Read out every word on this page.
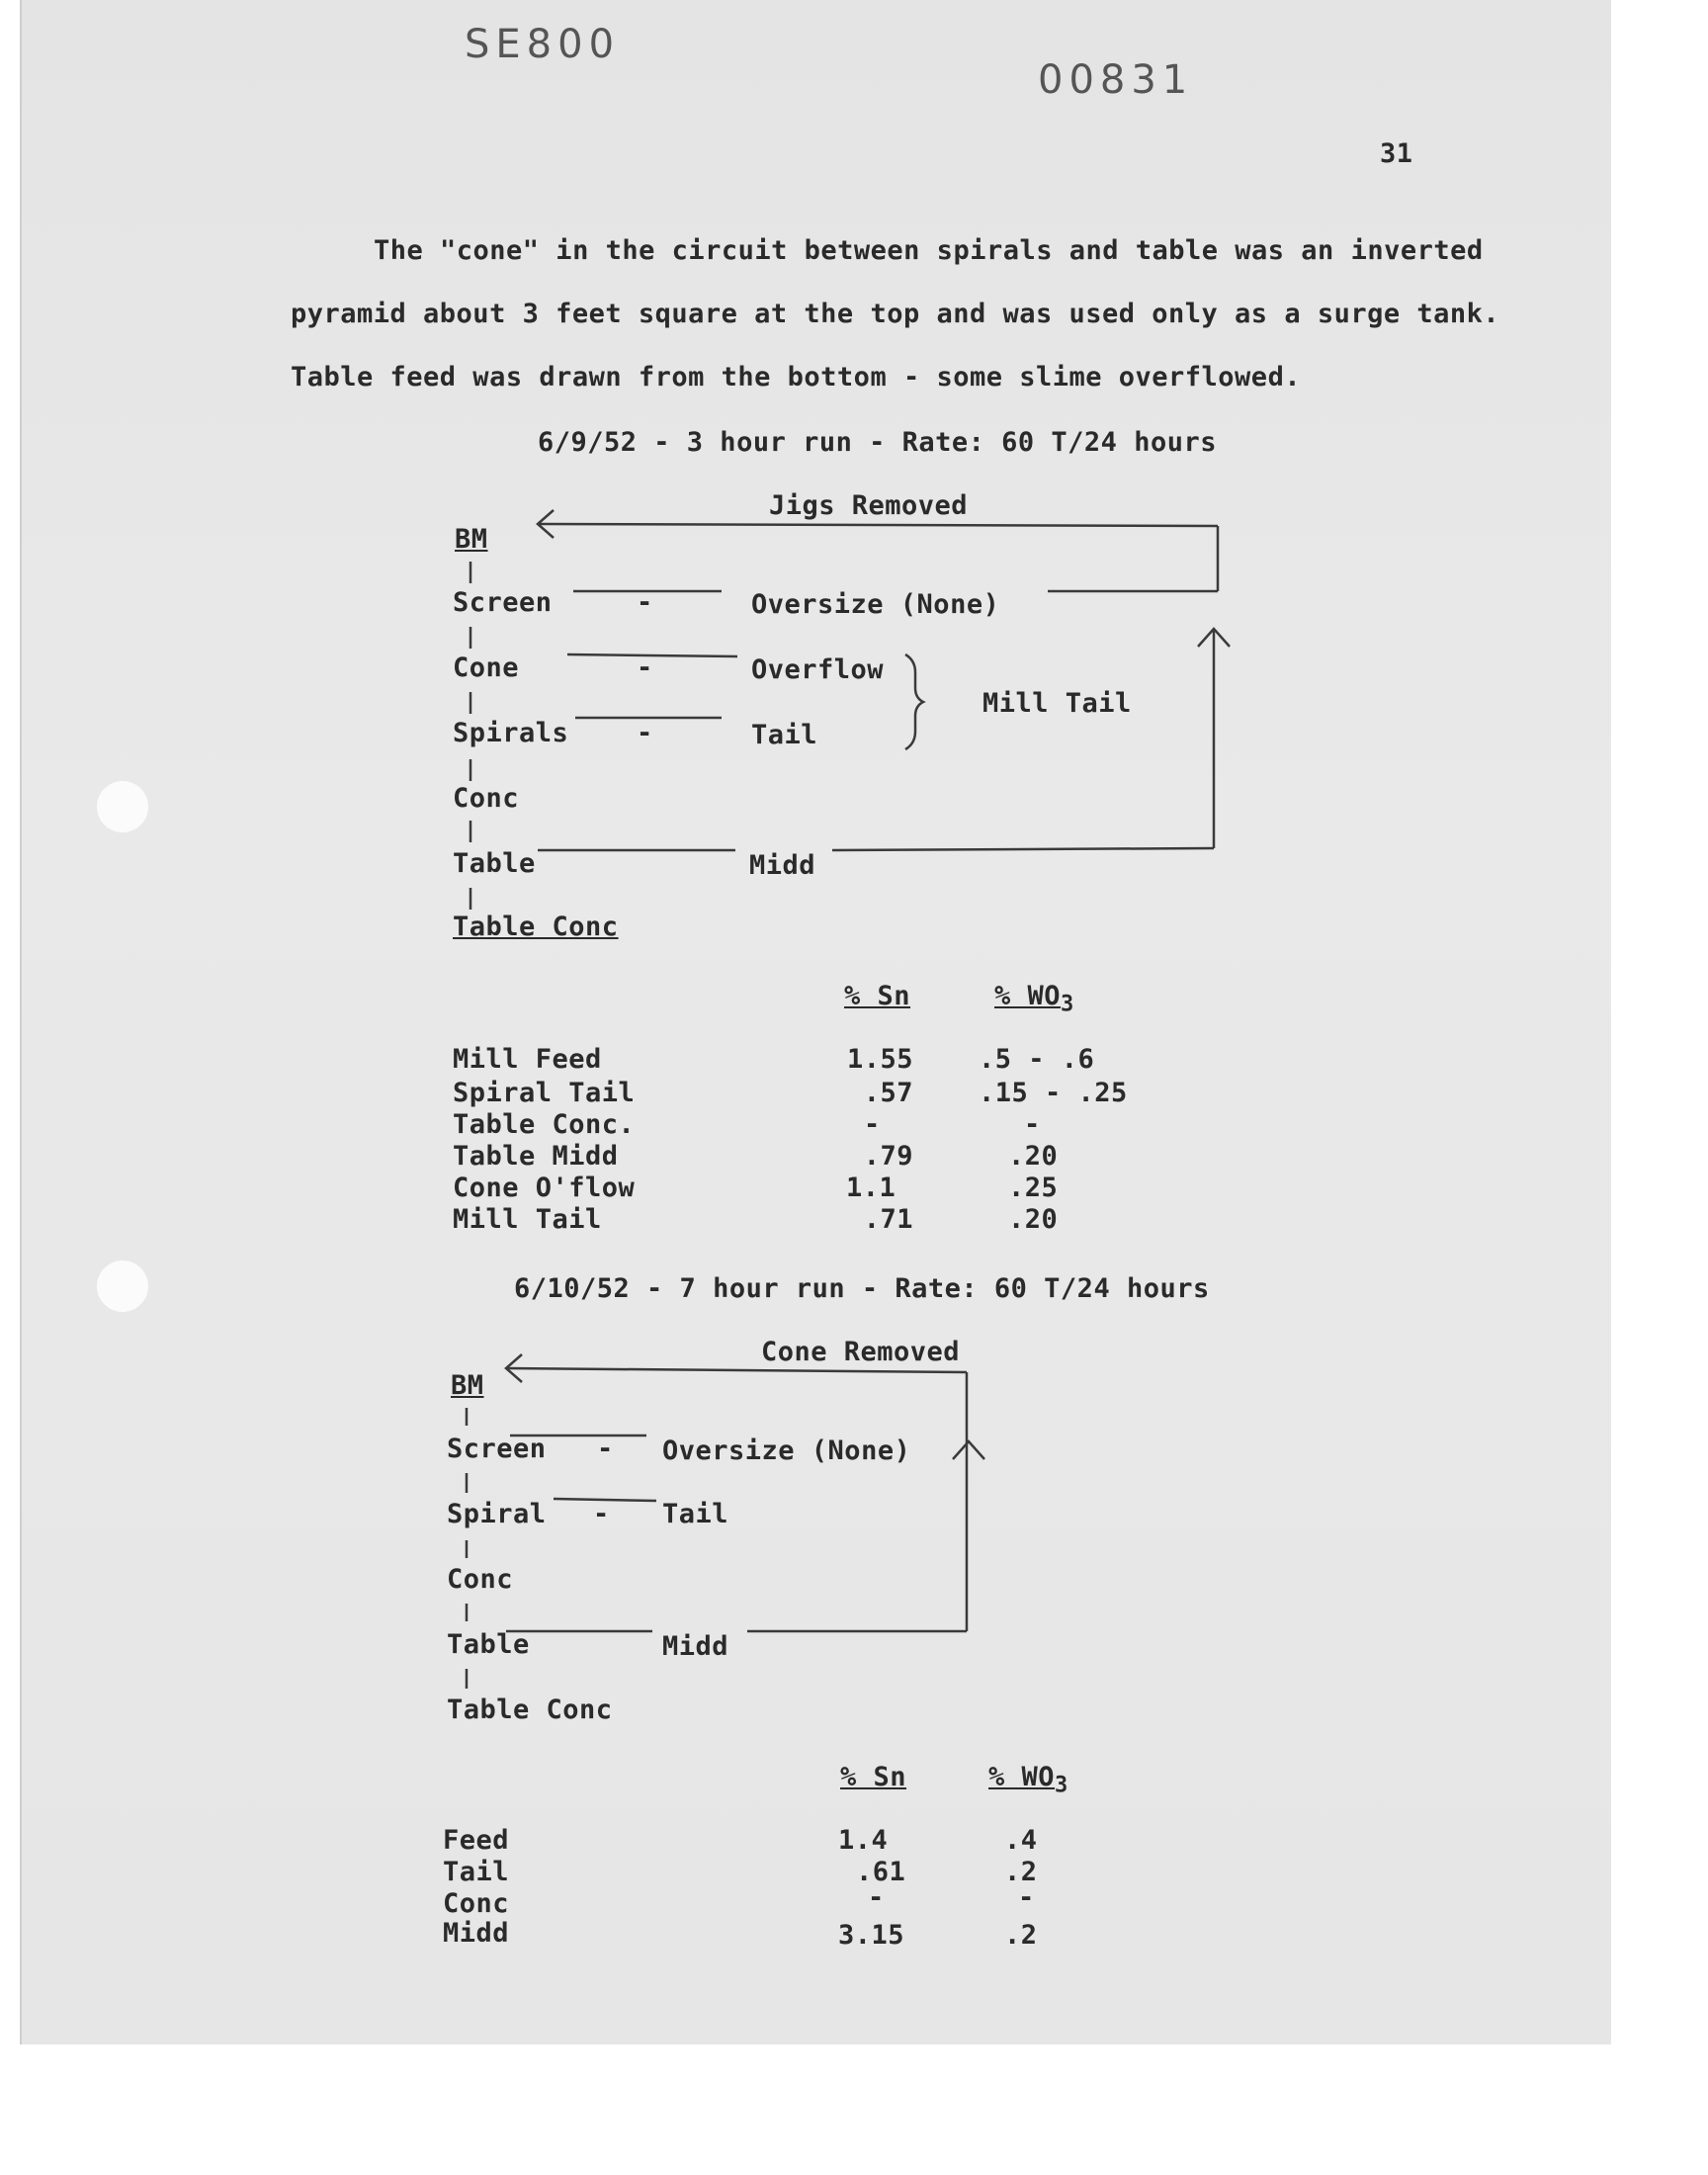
SE800
00831
31
The "cone" in the circuit between spirals and table was an inverted
pyramid about 3 feet square at the top and was used only as a surge tank.
Table feed was drawn from the bottom - some slime overflowed.
6/9/52 - 3 hour run - Rate: 60 T/24 hours
Jigs Removed
BM
Screen	-	Oversize (None)
Cone	-	Overflow
Spirals	-	Tail
Mill Tail
Conc
Table	Midd
Table Conc
% Sn	% $WO_3$
Mill Feed	1.55 .5 - .6
Spiral Tail	.57 .15 - .25
Table Conc.	-	-
Table Midd	.79	.20
Cone O'flow	1.1	.25
Mill Tail	.71	.20
6/10/52 - 7 hour run - Rate: 60 T/24 hours
Cone Removed
BM
Screen - Oversize (None)
Spiral - Tail
Conc
Table	Midd
Table Conc
% Sn	% $WO_3$
Feed	1.4	.4
Tail	.61	.2
Conc	-	-
Midd	3.15	.2
